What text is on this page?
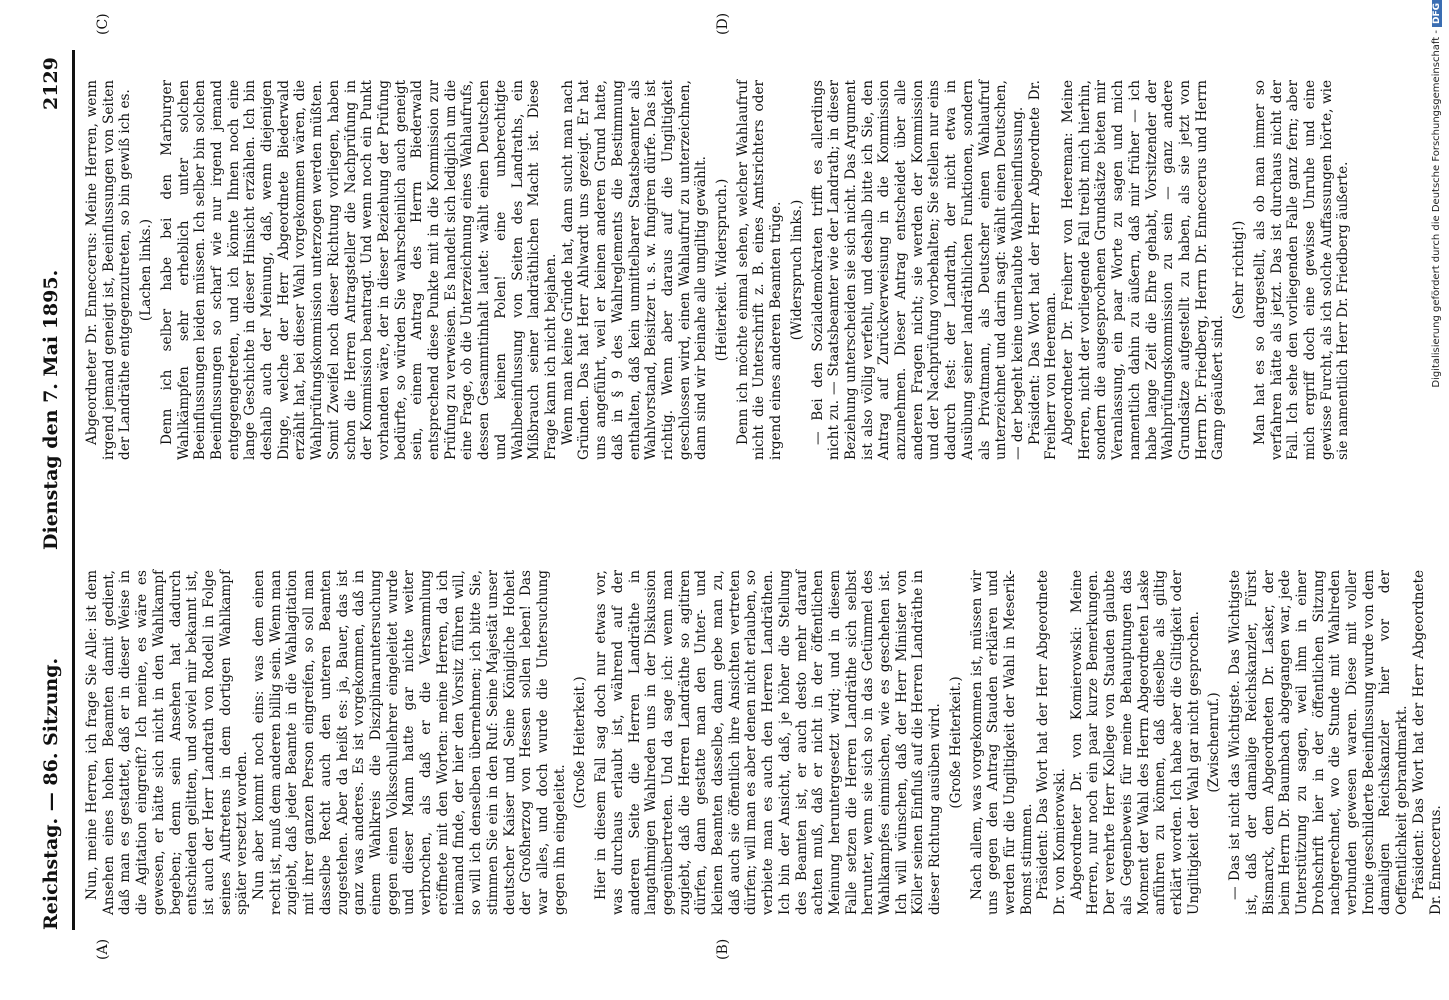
Reichstag. — 86. Sitzung.
Dienstag den 7. Mai 1895.
2129
(A)	(B)
(C)	(D)

Nun, meine Herren, ich frage Sie Alle: ist dem Ansehen eines hohen Beamten damit gedient, daß man es gestattet, daß er in dieser Weise in die Agitation eingreift? Ich meine, es wäre es gewesen, er hätte sich nicht in den Wahlkampf begeben; denn sein Ansehen hat dadurch entschieden gelitten, und soviel mir bekannt ist, ist auch der Herr Landrath von Rodell in Folge seines Auftretens in dem dortigen Wahlkampf später versetzt worden. Nun aber kommt noch eins: was dem einen recht ist, muß dem anderen billig sein. Wenn man zugiebt, daß jeder Beamte in die Wahlagitation mit ihrer ganzen Person eingreifen, so soll man dasselbe Recht auch den unteren Beamten zugestehen. Aber da heißt es: ja, Bauer, das ist ganz was anderes. Es ist vorgekommen, daß in einem Wahlkreis die Disziplinaruntersuchung gegen einen Volksschullehrer eingeleitet wurde und dieser Mann hatte gar nichte weiter verbrochen, als daß er die Versammlung eröffnete mit den Worten: meine Herren, da ich niemand finde, der hier den Vorsitz führen will, so will ich denselben übernehmen; ich bitte Sie, stimmen Sie ein in den Ruf: Seine Majestät unser deutscher Kaiser und Seine Königliche Hoheit der Großherzog von Hessen sollen leben! Das war alles, und doch wurde die Untersuchung gegen ihn eingeleitet.

(Große Heiterkeit.) Hier in diesem Fall sag doch nur etwas vor, was durchaus erlaubt ist, während auf der anderen Seite die Herren Landräthe in langathmigen Wahlreden uns in der Diskussion gegenübertreten. Und da sage ich: wenn man zugiebt, daß die Herren Landräthe so agitiren dürfen, dann gestatte man den Unter- und kleinen Beamten dasselbe, dann gebe man zu, daß auch sie öffentlich ihre Ansichten vertreten dürfen; will man es aber denen nicht erlauben, so verbiete man es auch den Herren Landräthen. Ich bin der Ansicht, daß, je höher die Stellung des Beamten ist, er auch desto mehr darauf achten muß, daß er nicht in der öffentlichen Meinung heruntergesetzt wird; und in diesem Falle setzen die Herren Landräthe sich selbst herunter, wenn sie sich so in das Getümmel des Wahlkampfes einmischen, wie es geschehen ist. Ich will wünschen, daß der Herr Minister von Köller seinen Einfluß auf die Herren Landräthe in dieser Richtung ausüben wird. (Große Heiterkeit.) Nach allem, was vorgekommen ist, müssen wir uns gegen den Antrag Stauden erklären und werden für die Ungiltigkeit der Wahl in Meserik-Bomst stimmen. Präsident: Das Wort hat der Herr Abgeordnete Dr. von Komierowski. Abgeordneter Dr. von Komierowski: Meine Herren, nur noch ein paar kurze Bemerkungen. Der verehrte Herr Kollege von Stauden glaubte als Gegenbeweis für meine Behauptungen das Moment der Wahl des Herrn Abgeordneten Laske anführen zu können, daß dieselbe als giltig erklärt worden. Ich habe aber die Giltigkeit oder Ungiltigkeit der Wahl gar nicht gesprochen. (Zwischenruf.) — Das ist nicht das Wichtigste. Das Wichtigste ist, daß der damalige Reichskanzler, Fürst Bismarck, dem Abgeordneten Dr. Lasker, der beim Herrn Dr. Baumbach abgegangen war, jede Unterstützung zu sagen, weil ihm in einer Drohschrift hier in der öffentlichen Sitzung nachgerechnet, wo die Stunde mit Wahlreden verbunden gewesen waren. Diese mit voller Ironie geschilderte Beeinflussung wurde von dem damaligen Reichskanzler hier vor der Oeffentlichkeit gebrandmarkt. Präsident: Das Wort hat der Herr Abgeordnete Dr. Enneccerus.

Abgeordneter Dr. Enneccerus: Meine Herren, wenn irgend jemand geneigt ist, Beeinflussungen von Seiten der Landräthe entgegenzutreten, so bin gewiß ich es. (Lachen links.) Denn ich selber habe bei den Marburger Wahlkämpfen sehr erheblich unter solchen Beeinflussungen leiden müssen. Ich selber bin solchen Beeinflussungen so scharf wie nur irgend jemand entgegengetreten, und ich könnte Ihnen noch eine lange Geschichte in dieser Hinsicht erzählen. Ich bin deshalb auch der Meinung, daß, wenn diejenigen Dinge, welche der Herr Abgeordnete Biederwald erzählt hat, bei dieser Wahl vorgekommen wären, die Wahlprüfungskommission unterzogen werden müßten. Somit Zweifel noch dieser Richtung vorliegen, haben schon die Herren Antragsteller die Nachprüfung in der Kommission beantragt. Und wenn noch ein Punkt vorhanden wäre, der in dieser Beziehung der Prüfung bedürfte, so würden Sie wahrscheinlich auch geneigt sein, einem Antrag des Herrn Biederwald entsprechend diese Punkte mit in die Kommission zur Prüfung zu verweisen. Es handelt sich lediglich um die eine Frage, ob die Unterzeichnung eines Wahlaufrufs, dessen Gesammtinhalt lautet: wählt einen Deutschen und keinen Polen! eine unberechtigte Wahlbeeinflussung von Seiten des Landraths, ein Mißbrauch seiner landräthlichen Macht ist. Diese Frage kann ich nicht bejahen. Wenn man keine Gründe hat, dann sucht man nach Gründen. Das hat Herr Ahlwardt uns gezeigt. Er hat uns angeführt, weil er keinen anderen Grund hatte, daß in § 9 des Wahlreglements die Bestimmung enthalten, daß kein unmittelbarer Staatsbeamter als Wahlvorstand, Beisitzer u. s. w. fungiren dürfe. Das ist richtig. Wenn aber daraus auf die Ungiltigkeit geschlossen wird, einen Wahlaufruf zu unterzeichnen, dann sind wir beinahe alle ungiltig gewählt. (Heiterkeit. Widerspruch.) Denn ich möchte einmal sehen, welcher Wahlaufruf nicht die Unterschrift z. B. eines Amtsrichters oder irgend eines anderen Beamten trüge. (Widerspruch links.) — Bei den Sozialdemokraten trifft es allerdings nicht zu. — Staatsbeamter wie der Landrath; in dieser Beziehung unterscheiden sie sich nicht. Das Argument ist also völlig verfehlt, und deshalb bitte ich Sie, den Antrag auf Zurückverweisung in die Kommission anzunehmen. Dieser Antrag entscheidet über alle anderen Fragen nicht; sie werden der Kommission und der Nachprüfung vorbehalten; Sie stellen nur eins dadurch fest: der Landrath, der nicht etwa in Ausübung seiner landräthlichen Funktionen, sondern als Privatmann, als Deutscher einen Wahlaufruf unterzeichnet und darin sagt: wählt einen Deutschen, — der begeht keine unerlaubte Wahlbeeinflussung. Präsident: Das Wort hat der Herr Abgeordnete Dr. Freiherr von Heereman. Abgeordneter Dr. Freiherr von Heereman: Meine Herren, nicht der vorliegende Fall treibt mich hierhin, sondern die ausgesprochenen Grundsätze bieten mir Veranlassung, ein paar Worte zu sagen und mich namentlich dahin zu äußern, daß mir früher — ich habe lange Zeit die Ehre gehabt, Vorsitzender der Wahlprüfungskommission zu sein — ganz andere Grundsätze aufgestellt zu haben, als sie jetzt von Herrn Dr. Friedberg, Herrn Dr. Enneccerus und Herrn Gamp geäußert sind.

(Sehr richtig!) Man hat es so dargestellt, als ob man immer so verfahren hätte als jetzt. Das ist durchaus nicht der Fall. Ich sehe den vorliegenden Falle ganz fern; aber mich ergriff doch eine gewisse Unruhe und eine gewisse Furcht, als ich solche Auffassungen hörte, wie sie namentlich Herr Dr. Friedberg äußerte.	Digitalisierung gefördert durch die Deutsche Forschungsgemeinschaft -DFG
